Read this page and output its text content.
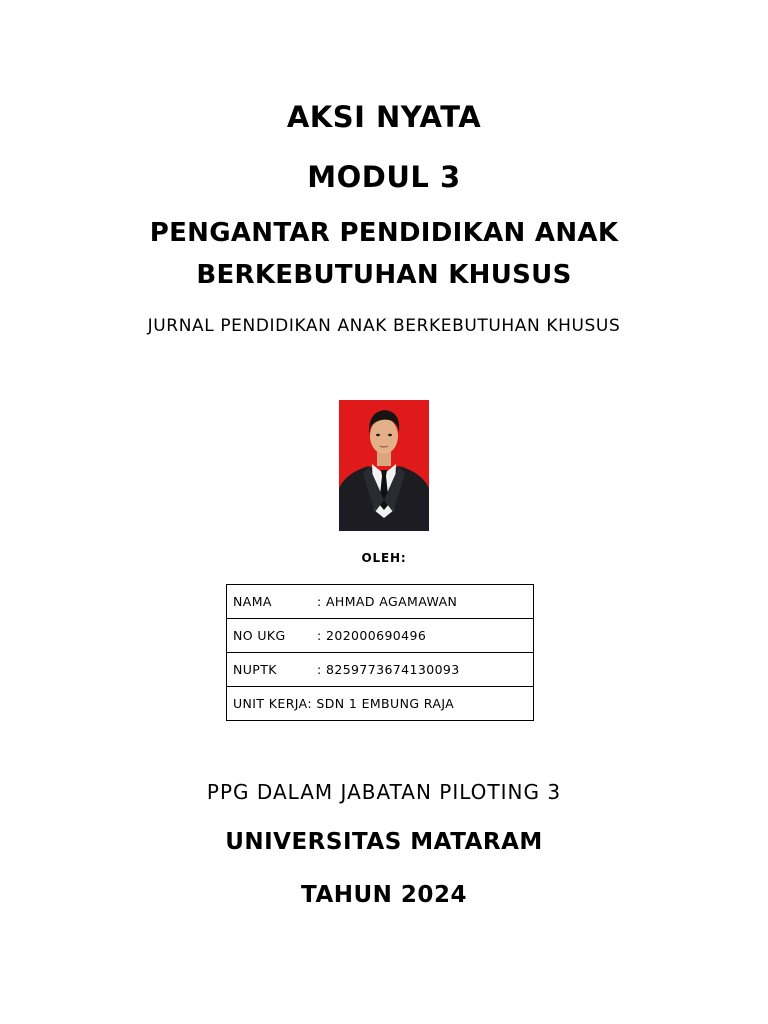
AKSI NYATA
MODUL 3
PENGANTAR PENDIDIKAN ANAK
BERKEBUTUHAN KHUSUS
JURNAL PENDIDIKAN ANAK BERKEBUTUHAN KHUSUS
OLEH:
NAMA	: AHMAD AGAMAWAN
NO UKG	: 202000690496
NUPTK	: 8259773674130093
UNIT KERJA: SDN 1 EMBUNG RAJA
PPG DALAM JABATAN PILOTING 3
UNIVERSITAS MATARAM
TAHUN 2024
